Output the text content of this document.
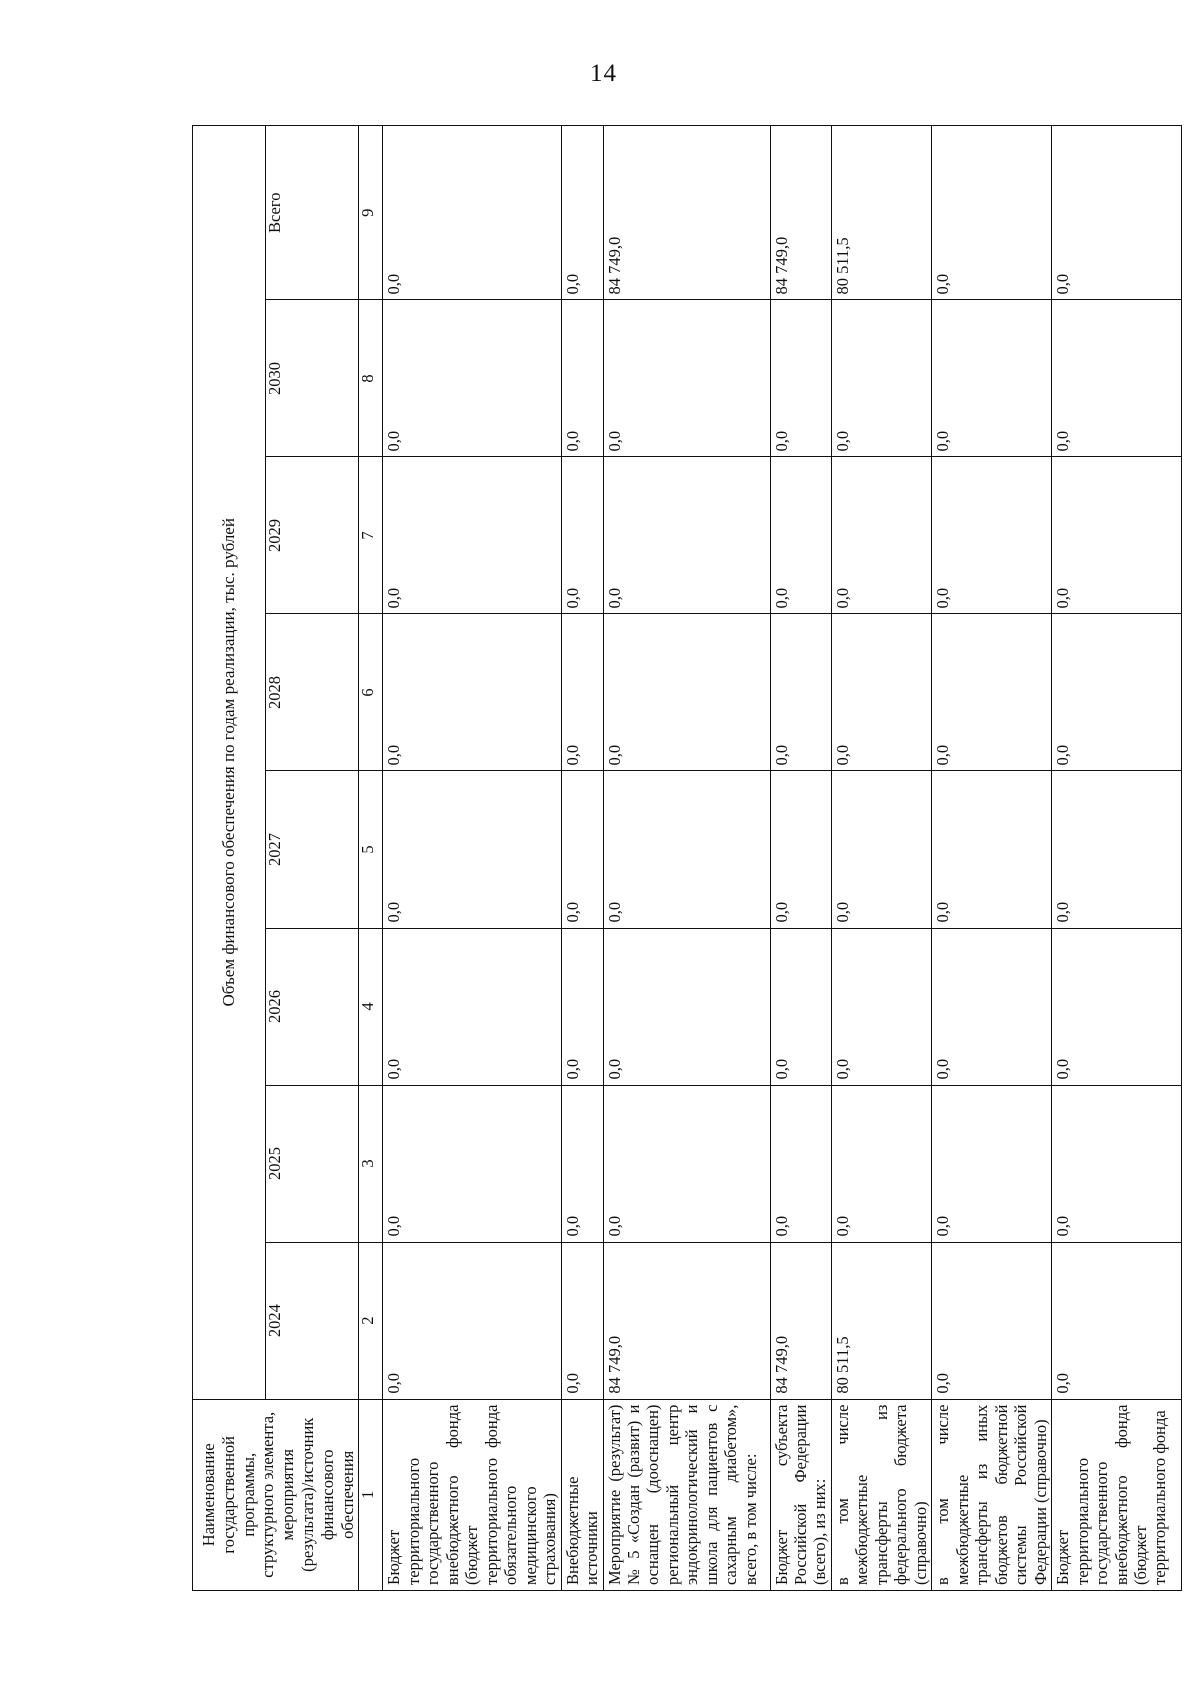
14
Наименование государственной программы, структурного элемента, мероприятия (результата)/источник финансового обеспечения	Объем финансового обеспечения по годам реализации, тыс. рублей							
	2024	2025	2026	2027	2028	2029	2030	Всего
1	2	3	4	5	6	7	8	9
Бюджет территориального государственного внебюджетного фонда (бюджет территориального фонда обязательного медицинского страхования)	0,0	0,0	0,0	0,0	0,0	0,0	0,0	0,0
Внебюджетные источники	0,0	0,0	0,0	0,0	0,0	0,0	0,0	0,0
Мероприятие (результат) № 5 «Создан (развит) и оснащен (дооснащен) региональный центр эндокринологический и школа для пациентов с сахарным диабетом», всего, в том числе:	84 749,0	0,0	0,0	0,0	0,0	0,0	0,0	84 749,0
Бюджет субъекта Российской Федерации (всего), из них:	84 749,0	0,0	0,0	0,0	0,0	0,0	0,0	84 749,0
в том числе межбюджетные трансферты из федерального бюджета (справочно)	80 511,5	0,0	0,0	0,0	0,0	0,0	0,0	80 511,5
в том числе межбюджетные трансферты из иных бюджетов бюджетной системы Российской Федерации (справочно)	0,0	0,0	0,0	0,0	0,0	0,0	0,0	0,0
Бюджет территориального государственного внебюджетного фонда (бюджет территориального фонда	0,0	0,0	0,0	0,0	0,0	0,0	0,0	0,0
